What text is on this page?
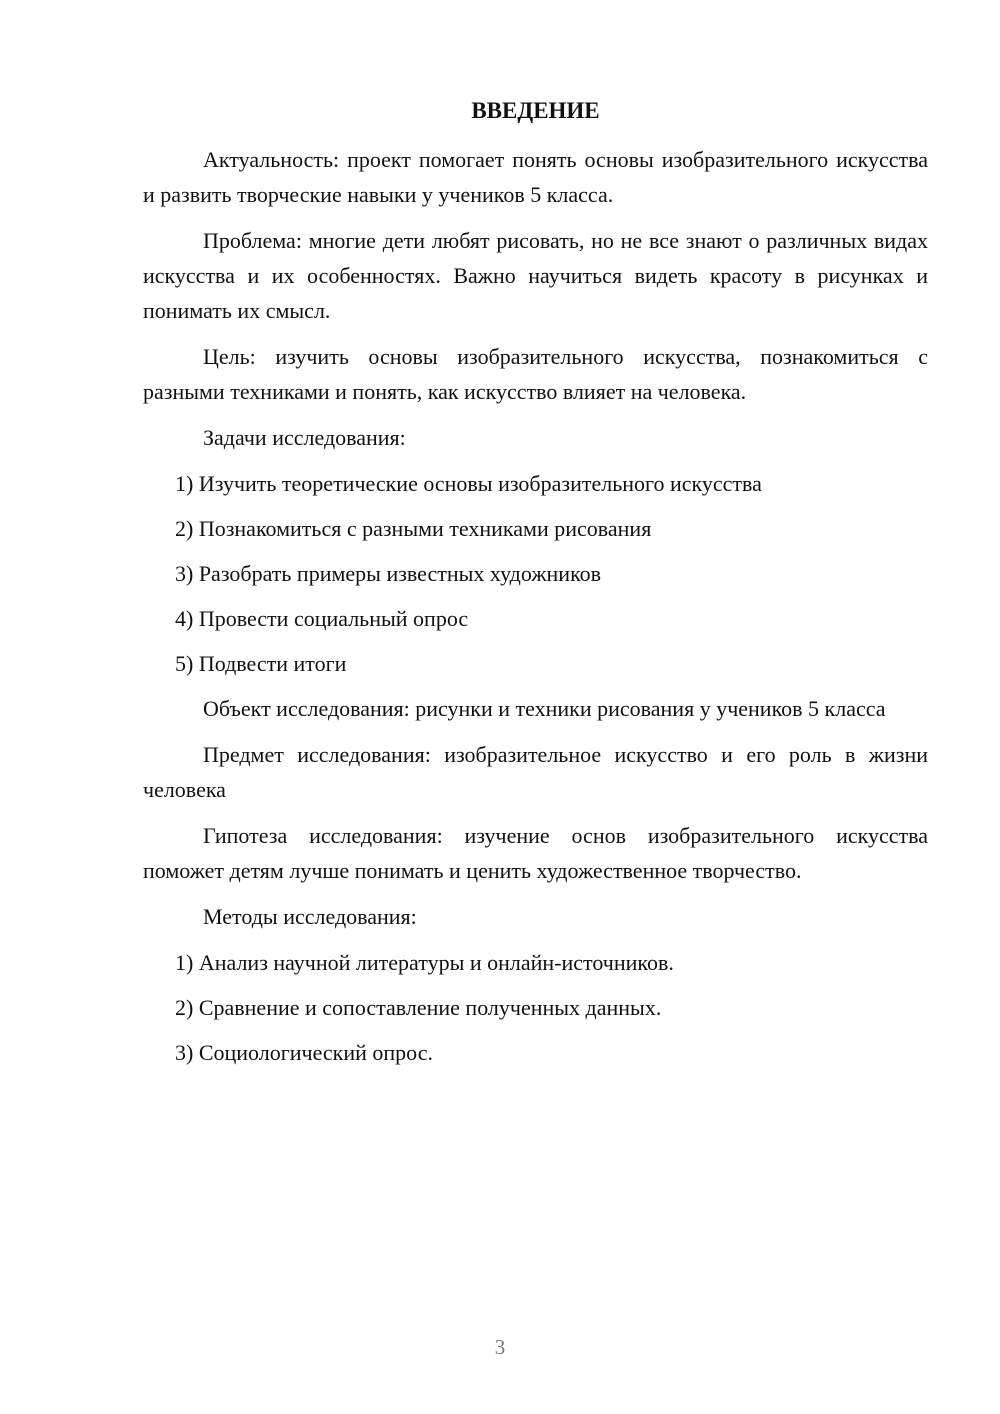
ВВЕДЕНИЕ

Актуальность: проект помогает понять основы изобразительного искусства и развить творческие навыки у учеников 5 класса.

Проблема: многие дети любят рисовать, но не все знают о различных видах искусства и их особенностях. Важно научиться видеть красоту в рисунках и понимать их смысл.

Цель: изучить основы изобразительного искусства, познакомиться с разными техниками и понять, как искусство влияет на человека.

Задачи исследования:

1) Изучить теоретические основы изобразительного искусства
2) Познакомиться с разными техниками рисования
3) Разобрать примеры известных художников
4) Провести социальный опрос
5) Подвести итоги

Объект исследования: рисунки и техники рисования у учеников 5 класса

Предмет исследования: изобразительное искусство и его роль в жизни человека

Гипотеза исследования: изучение основ изобразительного искусства поможет детям лучше понимать и ценить художественное творчество.

Методы исследования:

1) Анализ научной литературы и онлайн-источников.
2) Сравнение и сопоставление полученных данных.
3) Социологический опрос.
3
